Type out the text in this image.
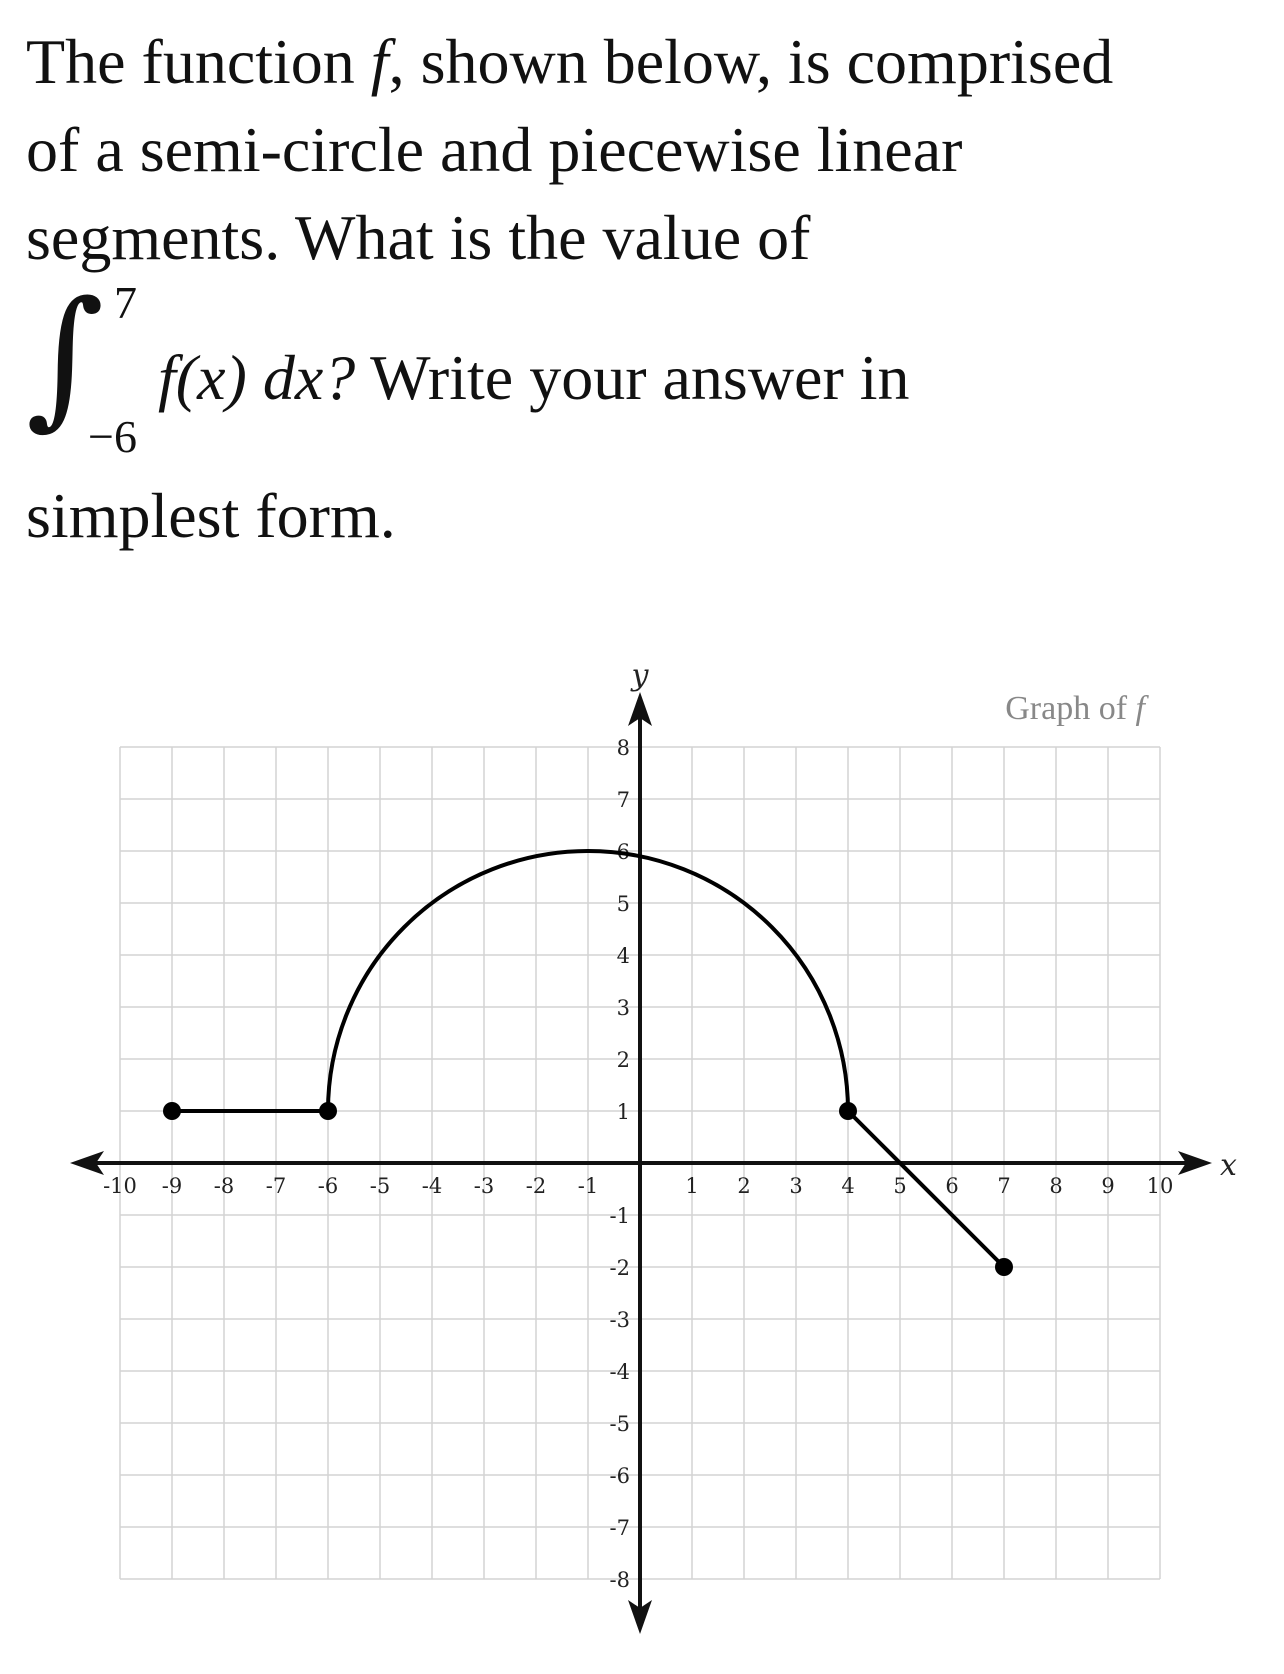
The function f, shown below, is comprised
of a semi-circle and piecewise linear
segments. What is the value of
∫ 7
−6
f(x) dx? Write your answer in
simplest form.
-10 -9 -8 -7 -6 -5 -4 -3 -2 -1	1 2 3 4 5 6 7 8 9 10
8
7
6
5
4
3
2
1
-1
-2
-3
-4
-5
-6
-7
-8
x
y
Graph of f
